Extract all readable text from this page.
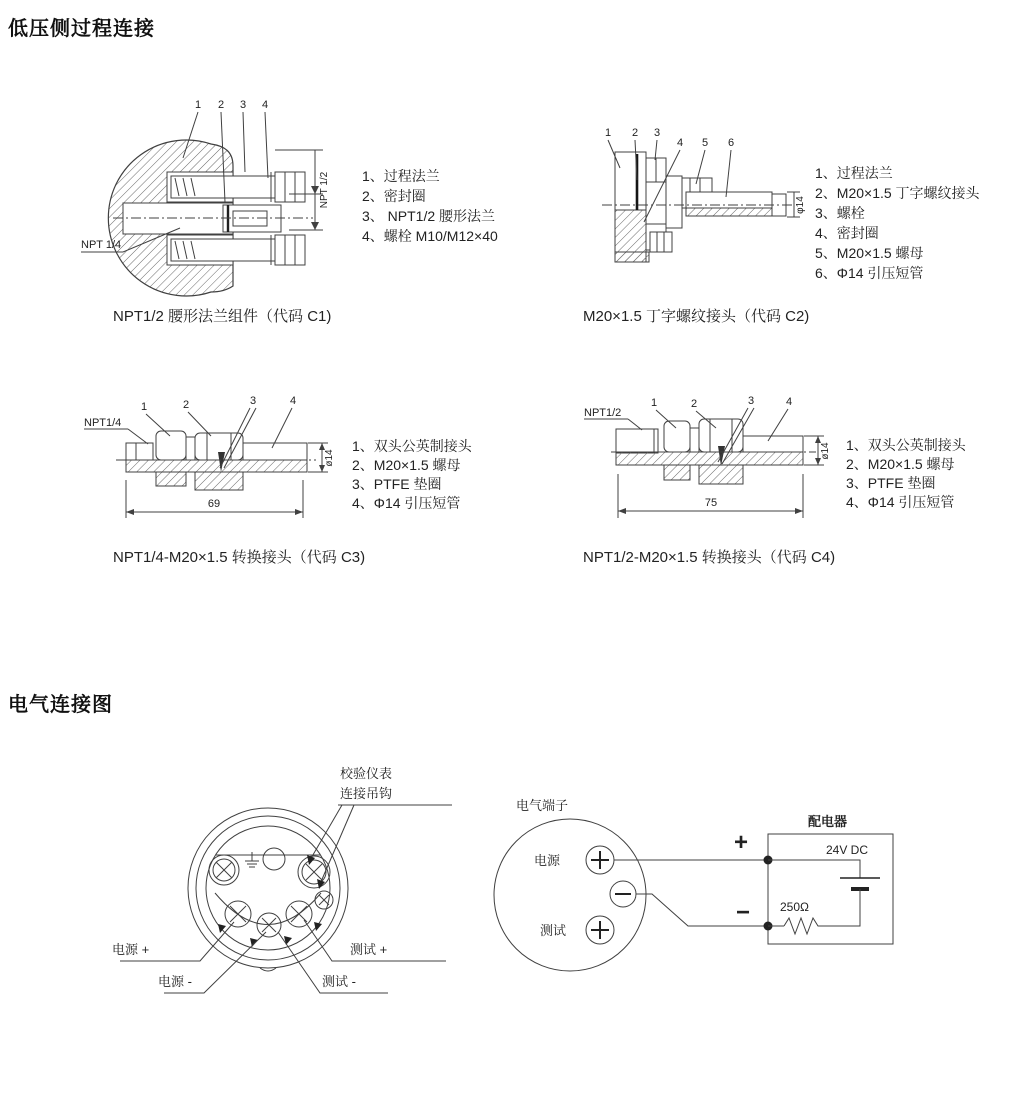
低压侧过程连接
1 2 3 4
NPT 1/4
NPT 1/2
1 2 3
4 5 6
φ14
1、过程法兰
2、密封圈
3、 NPT1/2 腰形法兰
4、螺栓 M10/M12×40
1、过程法兰
2、M20×1.5 丁字螺纹接头
3、螺栓
4、密封圈
5、M20×1.5 螺母
6、Φ14 引压短管
NPT1/2 腰形法兰组件（代码 C1)	M20×1.5 丁字螺纹接头（代码 C2)
NPT1/4
1	2	3	4
ø14
69
NPT1/2
1	2	3	4
ø14
75
1、双头公英制接头
2、M20×1.5 螺母
3、PTFE 垫圈
4、Φ14 引压短管
1、双头公英制接头
2、M20×1.5 螺母
3、PTFE 垫圈
4、Φ14 引压短管
NPT1/4-M20×1.5 转换接头（代码 C3)	NPT1/2-M20×1.5 转换接头（代码 C4)
电气连接图
校验仪表
连接吊钩
电源 +
电源 -
测试 +
测试 -
电气端子
电源
测试
+
−
配电器
24V DC
250Ω
